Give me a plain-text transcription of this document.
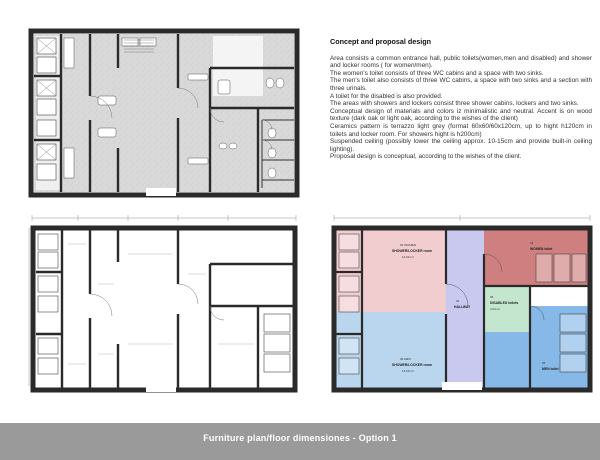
Concept and proposal design

Area consists a common entrance hall, public toilets(women,men and disabled) and shower and locker rooms ( for women/men).

The women's toilet consists of three WC cabins and a space with two sinks.

The men's toilet also consists of three WC cabins, a space with two sinks and a section with three urinals.

A toilet for the disabled is also provided.

The areas with showers and lockers consist three shower cabins, lockers and two sinks.

Conceptual design of materials and colors iz minimalistic and neutral. Accent is on wood texture (dark oak or light oak, according to the wishes of the client)

Ceramics pattern is terrazzo light grey (format 60x60/60x120cm, up to hight h120cm in toilets and locker room. For showers hight is h200cm)

Suspended ceiling (possibly lower the ceiling approx. 10-15cm and provide built-in ceiling lighting).

Proposal design is conceptual, according to the wishes of the client.

02 WOMEN
SHOWER/LOCKER room
14.69 m²
03 MEN
SHOWER/LOCKER room
14.69 m²
01
HALLWAY
04
WOMEN toilet
05
DISABLED toilets
4.04 m²
06
MEN toilet
Furniture plan/floor dimensiones - Option 1
